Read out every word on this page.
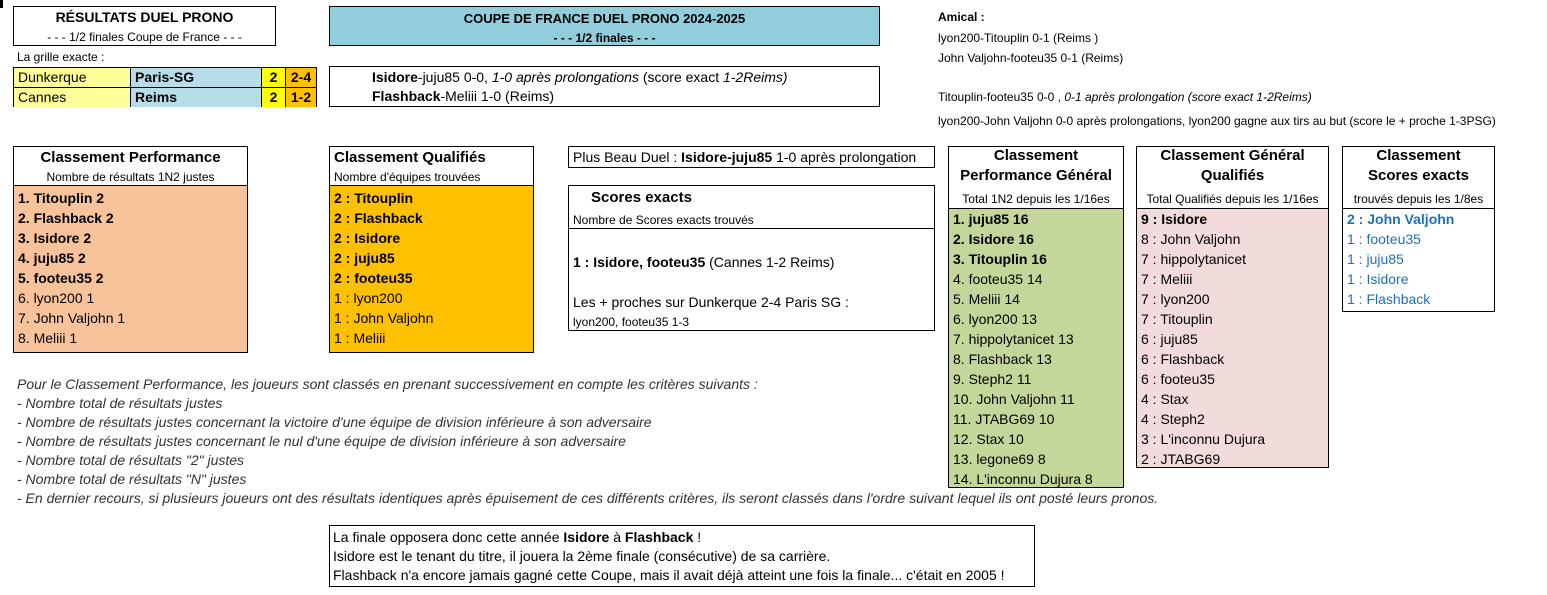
RÉSULTATS DUEL PRONO
- - - 1/2 finales Coupe de France - - -
La grille exacte :
Dunkerque	Paris-SG	2 2-4
Cannes	Reims	2 1-2
COUPE DE FRANCE DUEL PRONO 2024-2025
- - - 1/2 finales - - -
Isidore-juju85 0-0, 1-0 après prolongations (score exact 1-2Reims)
Flashback-Meliii 1-0 (Reims)
Amical :
lyon200-Titouplin 0-1 (Reims )
John Valjohn-footeu35 0-1 (Reims)
Titouplin-footeu35 0-0 , 0-1 après prolongation (score exact 1-2Reims)
lyon200-John Valjohn 0-0 après prolongations, lyon200 gagne aux tirs au but (score le + proche 1-3PSG)
Classement Performance
Nombre de résultats 1N2 justes
1. Titouplin 2
2. Flashback 2
3. Isidore 2
4. juju85 2
5. footeu35 2
6. lyon200 1
7. John Valjohn 1
8. Meliii 1
Classement Qualifiés
Nombre d'équipes trouvées
2 : Titouplin
2 : Flashback
2 : Isidore
2 : juju85
2 : footeu35
1 : lyon200
1 : John Valjohn
1 : Meliii
Plus Beau Duel : Isidore-juju85 1-0 après prolongation
Scores exacts
Nombre de Scores exacts trouvés
1 : Isidore, footeu35 (Cannes 1-2 Reims)
Les + proches sur Dunkerque 2-4 Paris SG :
lyon200, footeu35 1-3
Classement
Performance Général
Total 1N2 depuis les 1/16es
1. juju85 16
2. Isidore 16
3. Titouplin 16
4. footeu35 14
5. Meliii 14
6. lyon200 13
7. hippolytanicet 13
8. Flashback 13
9. Steph2 11
10. John Valjohn 11
11. JTABG69 10
12. Stax 10
13. legone69 8
14. L'inconnu Dujura 8
Classement Général
Qualifiés
Total Qualifiés depuis les 1/16es
9 : Isidore
8 : John Valjohn
7 : hippolytanicet
7 : Meliii
7 : lyon200
7 : Titouplin
6 : juju85
6 : Flashback
6 : footeu35
4 : Stax
4 : Steph2
3 : L'inconnu Dujura
2 : JTABG69
Classement
Scores exacts
trouvés depuis les 1/8es
2 : John Valjohn
1 : footeu35
1 : juju85
1 : Isidore
1 : Flashback
Pour le Classement Performance, les joueurs sont classés en prenant successivement en compte les critères suivants :
- Nombre total de résultats justes
- Nombre de résultats justes concernant la victoire d'une équipe de division inférieure à son adversaire
- Nombre de résultats justes concernant le nul d'une équipe de division inférieure à son adversaire
- Nombre total de résultats "2" justes
- Nombre total de résultats "N" justes
- En dernier recours, si plusieurs joueurs ont des résultats identiques après épuisement de ces différents critères, ils seront classés dans l'ordre suivant lequel ils ont posté leurs pronos.
La finale opposera donc cette année Isidore à Flashback !
Isidore est le tenant du titre, il jouera la 2ème finale (consécutive) de sa carrière.
Flashback n'a encore jamais gagné cette Coupe, mais il avait déjà atteint une fois la finale... c'était en 2005 !
